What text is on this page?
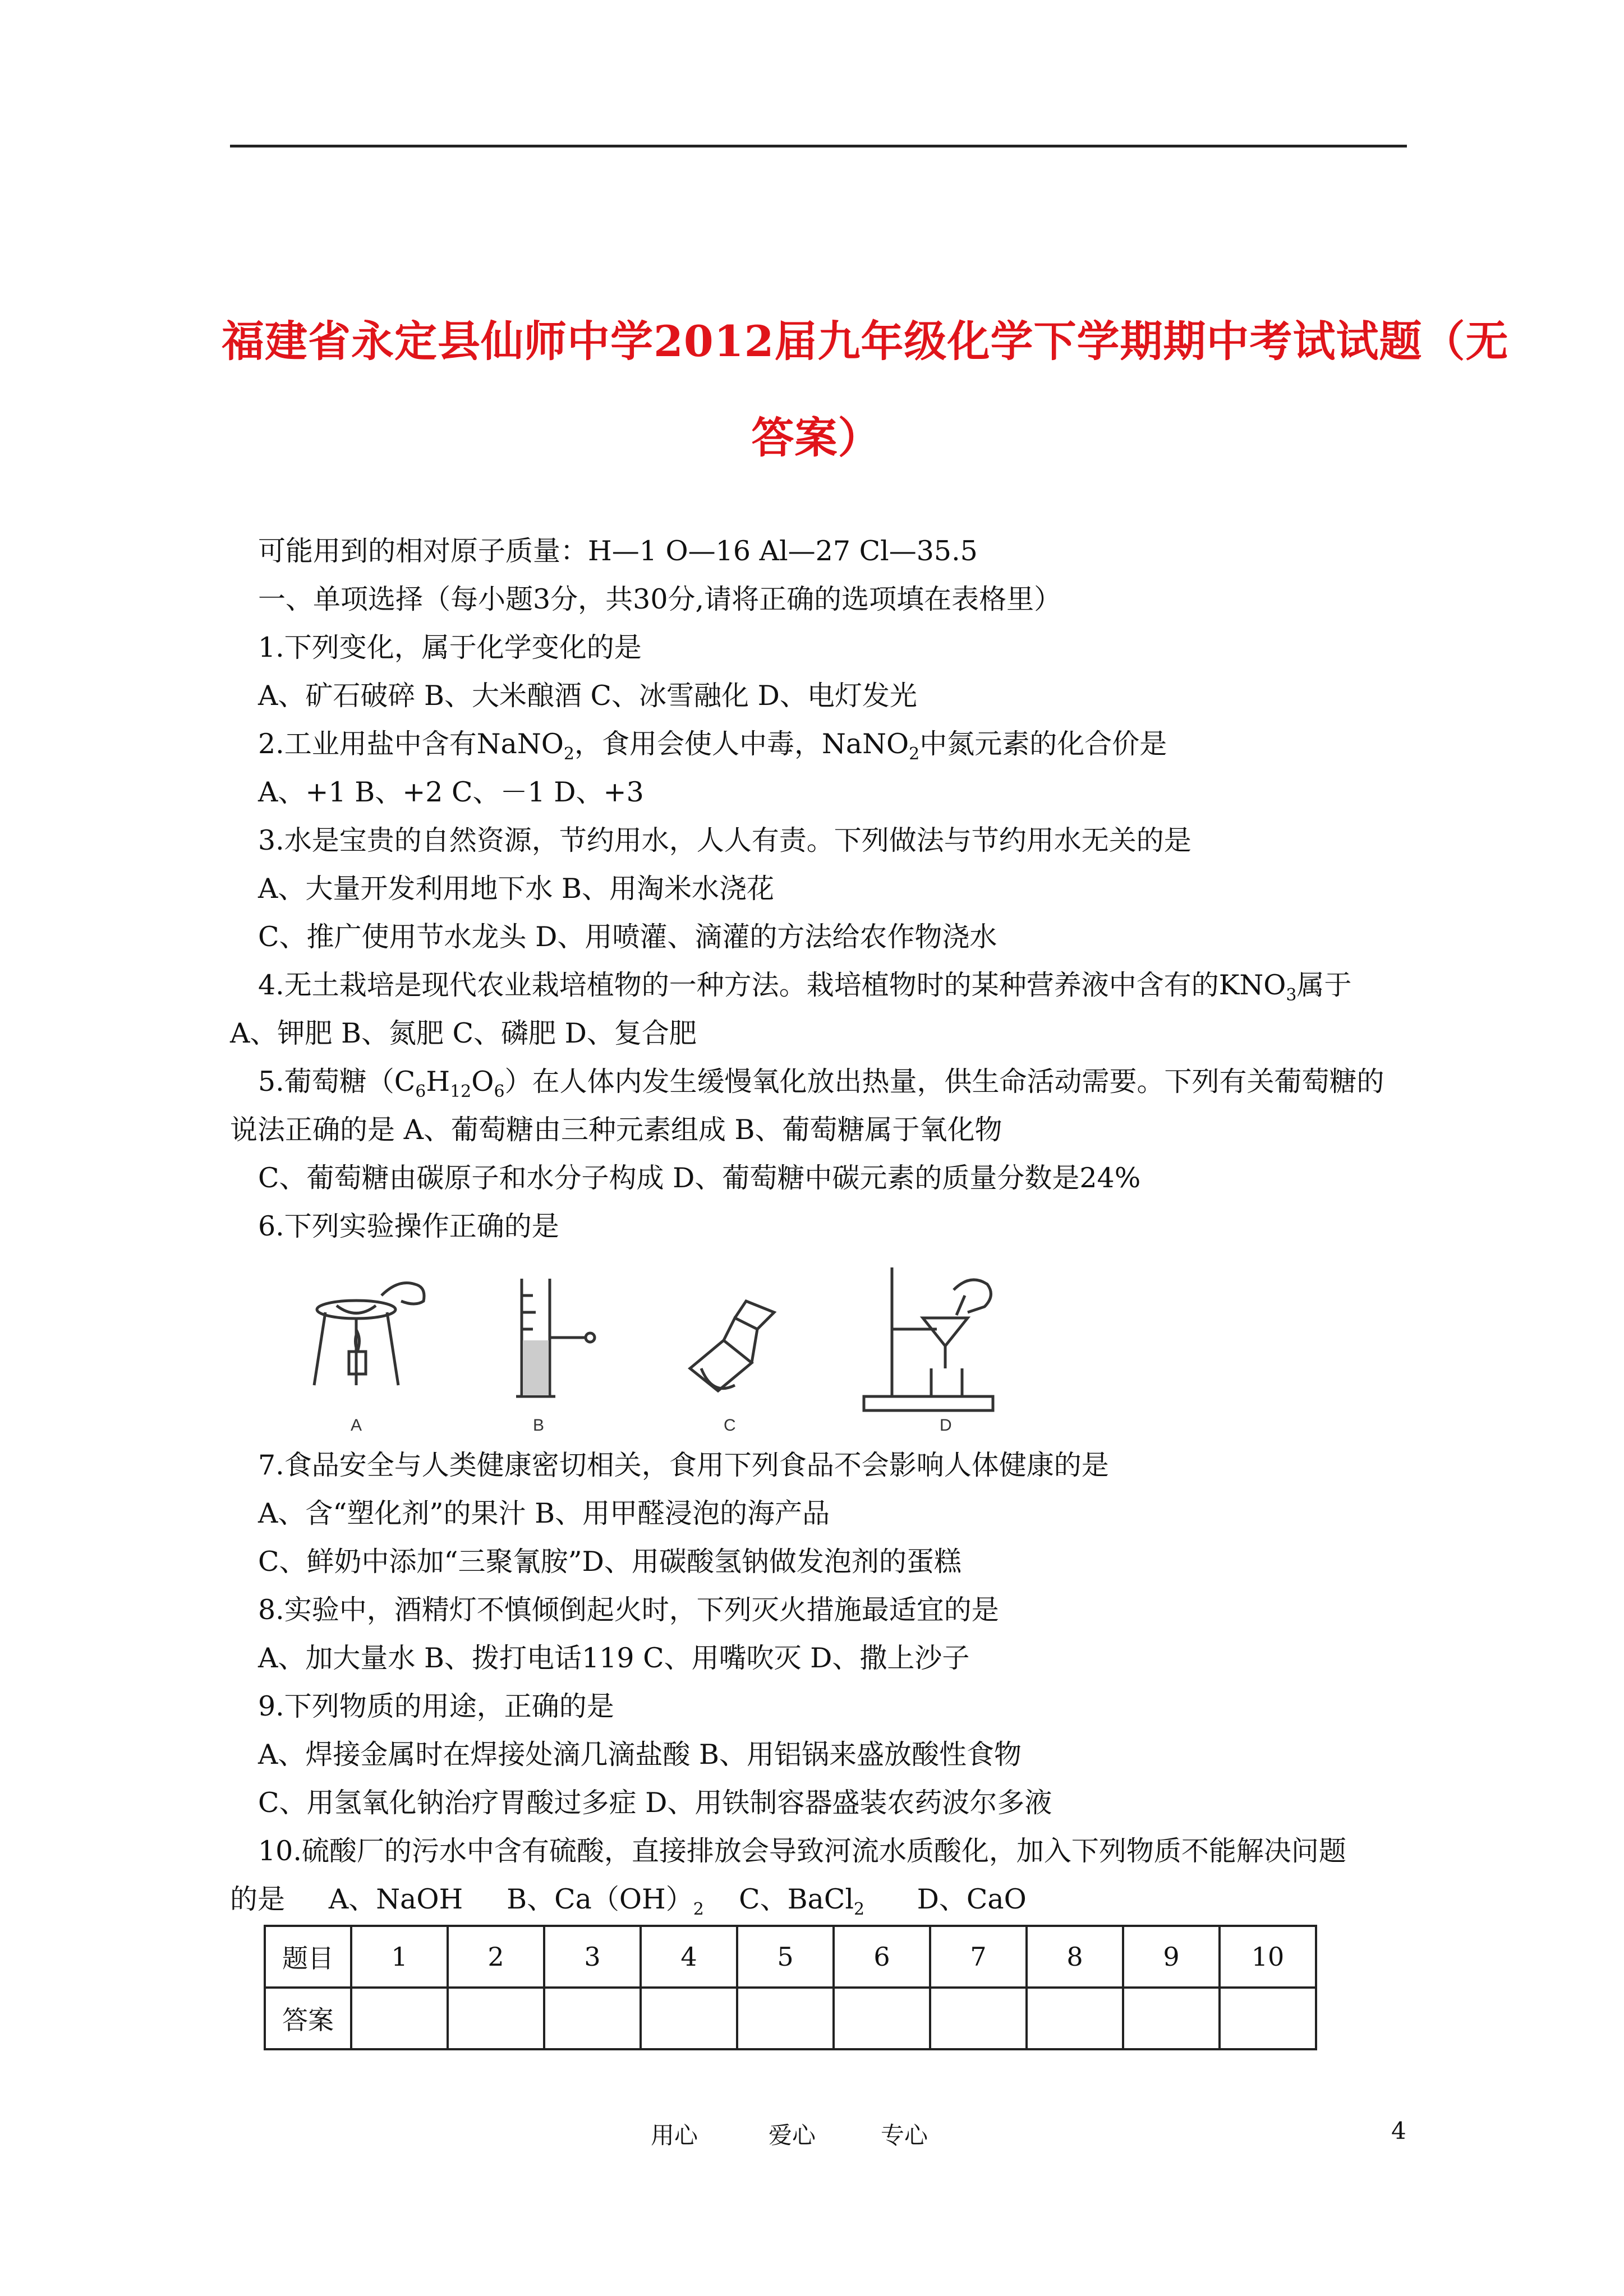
福建省永定县仙师中学2012届九年级化学下学期期中考试试题（无
答案）
可能用到的相对原子质量：H—1 O—16 Al—27 Cl—35.5
一、单项选择（每小题3分，共30分,请将正确的选项填在表格里）
1.下列变化，属于化学变化的是
A、矿石破碎 B、大米酿酒 C、冰雪融化 D、电灯发光
2.工业用盐中含有NaNO$_2$，食用会使人中毒，NaNO$_2$中氮元素的化合价是
A、+1 B、+2 C、－1 D、+3
3.水是宝贵的自然资源，节约用水，人人有责。下列做法与节约用水无关的是
A、大量开发利用地下水 B、用淘米水浇花
C、推广使用节水龙头 D、用喷灌、滴灌的方法给农作物浇水
4.无土栽培是现代农业栽培植物的一种方法。栽培植物时的某种营养液中含有的$KNO_3$属于
A、钾肥 B、氮肥 C、磷肥 D、复合肥
5.葡萄糖$(C_6H_{12}O_6)$在人体内发生缓慢氧化放出热量，供生命活动需要。下列有关葡萄糖的
说法正确的是 A、葡萄糖由三种元素组成 B、葡萄糖属于氧化物
C、葡萄糖由碳原子和水分子构成 D、葡萄糖中碳元素的质量分数是24%
6.下列实验操作正确的是
A	B	C	D
7.食品安全与人类健康密切相关，食用下列食品不会影响人体健康的是
A、含“塑化剂”的果汁 B、用甲醛浸泡的海产品
C、鲜奶中添加“三聚氰胺”D、用碳酸氢钠做发泡剂的蛋糕
8.实验中，酒精灯不慎倾倒起火时，下列灭火措施最适宜的是
A、加大量水 B、拨打电话119 C、用嘴吹灭 D、撒上沙子
9.下列物质的用途，正确的是
A、焊接金属时在焊接处滴几滴盐酸 B、用铝锅来盛放酸性食物
C、用氢氧化钠治疗胃酸过多症 D、用铁制容器盛装农药波尔多液
10.硫酸厂的污水中含有硫酸，直接排放会导致河流水质酸化，加入下列物质不能解决问题
的是     A、NaOH     B、$Ca(OH)_2$    C、BaCl$_2$      D、CaO
题目	1	2	3	4	5	6	7	8	9	10
答案										
用心	爱心	专心	4
